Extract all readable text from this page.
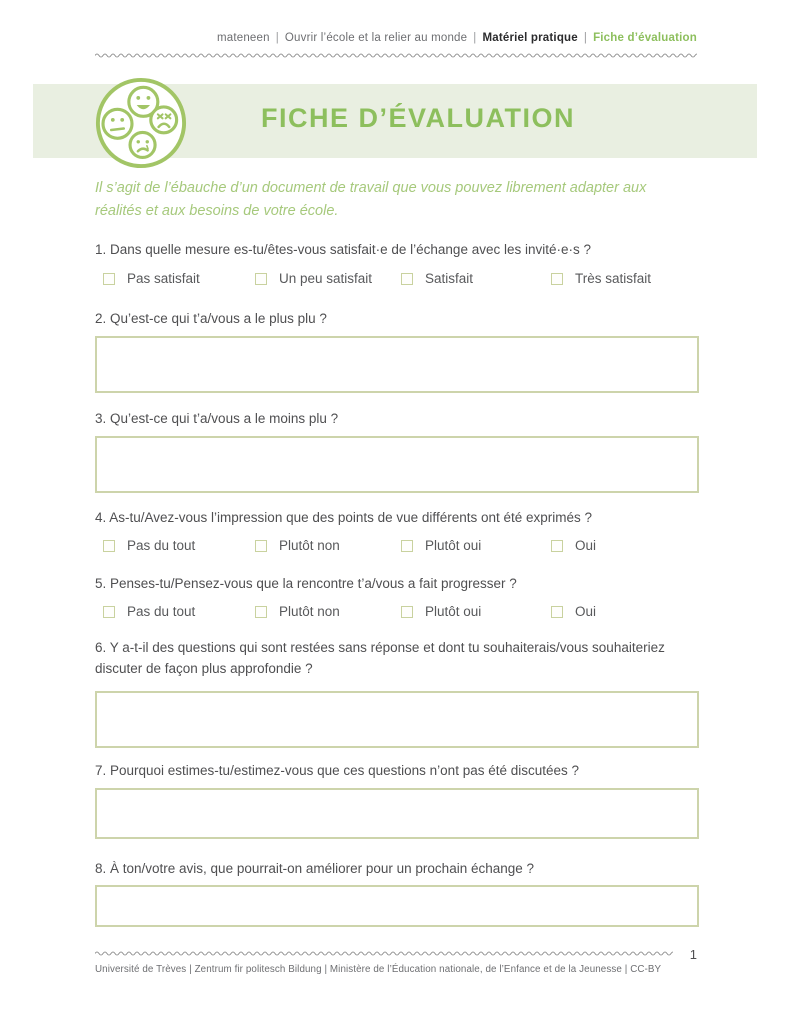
mateneen | Ouvrir l’école et la relier au monde | Matériel pratique | Fiche d’évaluation
FICHE D’ÉVALUATION
Il s’agit de l’ébauche d’un document de travail que vous pouvez librement adapter aux réalités et aux besoins de votre école.
1. Dans quelle mesure es-tu/êtes-vous satisfait·e de l’échange avec les invité·e·s ?
Pas satisfait	Un peu satisfait	Satisfait	Très satisfait
2. Qu’est-ce qui t’a/vous a le plus plu ?
3. Qu’est-ce qui t’a/vous a le moins plu ?
4. As-tu/Avez-vous l’impression que des points de vue différents ont été exprimés ?
Pas du tout	Plutôt non	Plutôt oui	Oui
5. Penses-tu/Pensez-vous que la rencontre t’a/vous a fait progresser ?
Pas du tout	Plutôt non	Plutôt oui	Oui
6. Y a-t-il des questions qui sont restées sans réponse et dont tu souhaiterais/vous souhaiteriez discuter de façon plus approfondie ?
7. Pourquoi estimes-tu/estimez-vous que ces questions n’ont pas été discutées ?
8. À ton/votre avis, que pourrait-on améliorer pour un prochain échange ?
1
Université de Trèves | Zentrum fir politesch Bildung | Ministère de l’Éducation nationale, de l’Enfance et de la Jeunesse | CC-BY
